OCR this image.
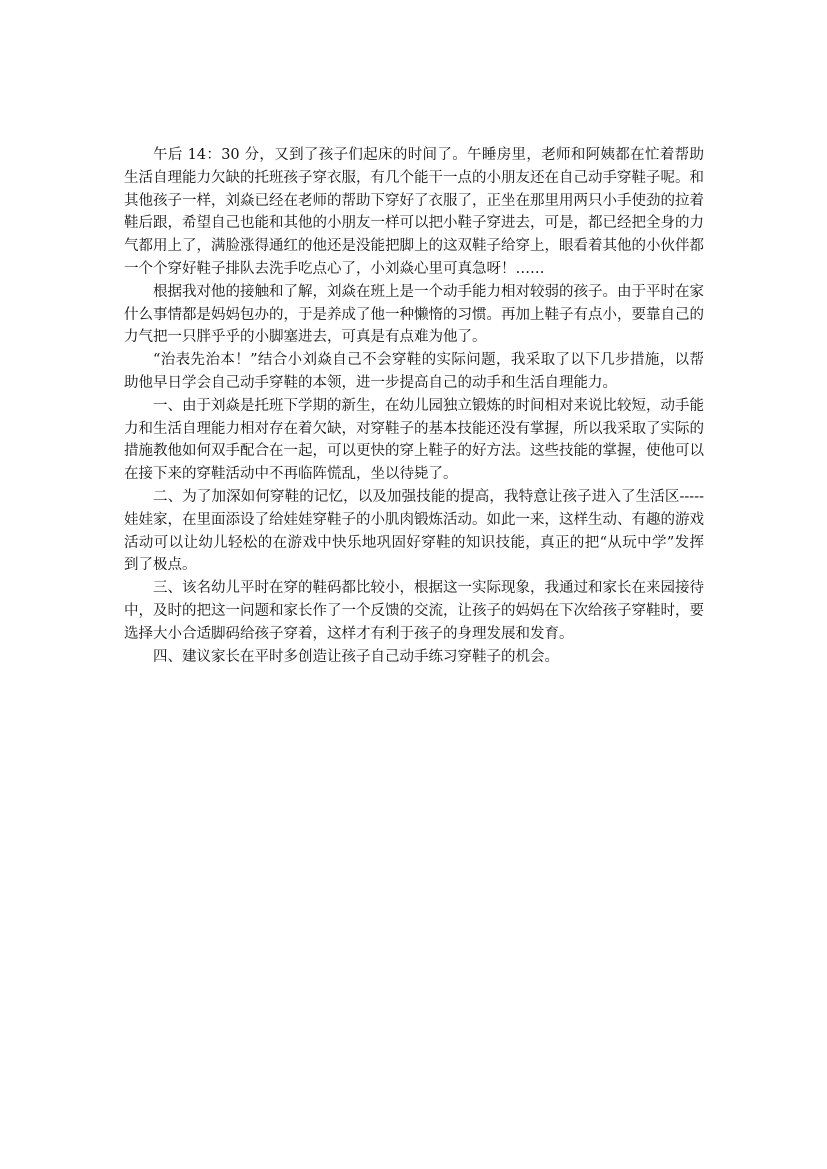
午后 14：30 分，又到了孩子们起床的时间了。午睡房里，老师和阿姨都在忙着帮助生活自理能力欠缺的托班孩子穿衣服，有几个能干一点的小朋友还在自己动手穿鞋子呢。和其他孩子一样，刘焱已经在老师的帮助下穿好了衣服了，正坐在那里用两只小手使劲的拉着鞋后跟，希望自己也能和其他的小朋友一样可以把小鞋子穿进去，可是，都已经把全身的力气都用上了，满脸涨得通红的他还是没能把脚上的这双鞋子给穿上，眼看着其他的小伙伴都一个个穿好鞋子排队去洗手吃点心了，小刘焱心里可真急呀！……

根据我对他的接触和了解，刘焱在班上是一个动手能力相对较弱的孩子。由于平时在家什么事情都是妈妈包办的，于是养成了他一种懒惰的习惯。再加上鞋子有点小，要靠自己的力气把一只胖乎乎的小脚塞进去，可真是有点难为他了。

“治表先治本！”结合小刘焱自己不会穿鞋的实际问题，我采取了以下几步措施，以帮助他早日学会自己动手穿鞋的本领，进一步提高自己的动手和生活自理能力。

一、由于刘焱是托班下学期的新生，在幼儿园独立锻炼的时间相对来说比较短，动手能力和生活自理能力相对存在着欠缺，对穿鞋子的基本技能还没有掌握，所以我采取了实际的措施教他如何双手配合在一起，可以更快的穿上鞋子的好方法。这些技能的掌握，使他可以在接下来的穿鞋活动中不再临阵慌乱，坐以待毙了。

二、为了加深如何穿鞋的记忆，以及加强技能的提高，我特意让孩子进入了生活区-----娃娃家，在里面添设了给娃娃穿鞋子的小肌肉锻炼活动。如此一来，这样生动、有趣的游戏活动可以让幼儿轻松的在游戏中快乐地巩固好穿鞋的知识技能，真正的把“从玩中学”发挥到了极点。

三、该名幼儿平时在穿的鞋码都比较小，根据这一实际现象，我通过和家长在来园接待中，及时的把这一问题和家长作了一个反馈的交流，让孩子的妈妈在下次给孩子穿鞋时，要选择大小合适脚码给孩子穿着，这样才有利于孩子的身理发展和发育。

四、建议家长在平时多创造让孩子自己动手练习穿鞋子的机会。
